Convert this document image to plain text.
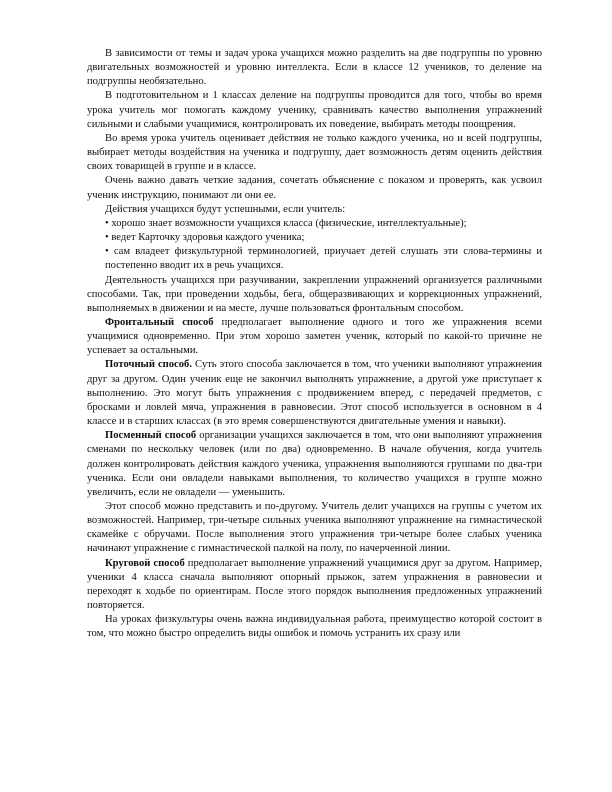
В зависимости от темы и задач урока учащихся можно разделить на две подгруппы по уровню двигательных возможностей и уровню интеллекта. Если в классе 12 учеников, то деление на подгруппы необязательно.

В подготовительном и 1 классах деление на подгруппы проводится для того, чтобы во время урока учитель мог помогать каждому ученику, сравнивать качество выполнения упражнений сильными и слабыми учащимися, контролировать их поведение, выбирать методы поощрения.

Во время урока учитель оценивает действия не только каждого ученика, но и всей подгруппы, выбирает методы воздействия на ученика и подгруппу, дает возможность детям оценить действия своих товарищей в группе и в классе.

Очень важно давать четкие задания, сочетать объяснение с показом и проверять, как усвоил ученик инструкцию, понимают ли они ее.

Действия учащихся будут успешными, если учитель:

• хорошо знает возможности учащихся класса (физические, интеллектуальные);

• ведет Карточку здоровья каждого ученика;

• сам владеет физкультурной терминологией, приучает детей слушать эти слова-термины и постепенно вводит их в речь учащихся.

Деятельность учащихся при разучивании, закреплении упражнений организуется различными способами. Так, при проведении ходьбы, бега, общеразвивающих и коррекционных упражнений, выполняемых в движении и на месте, лучше пользоваться фронтальным способом.

Фронтальный способ предполагает выполнение одного и того же упражнения всеми учащимися одновременно. При этом хорошо заметен ученик, который по какой-то причине не успевает за остальными.

Поточный способ. Суть этого способа заключается в том, что ученики выполняют упражнения друг за другом. Один ученик еще не закончил выполнять упражнение, а другой уже приступает к выполнению. Это могут быть упражнения с продвижением вперед, с передачей предметов, с бросками и ловлей мяча, упражнения в равновесии. Этот способ используется в основном в 4 классе и в старших классах (в это время совершенствуются двигательные умения и навыки).

Посменный способ организации учащихся заключается в том, что они выполняют упражнения сменами по нескольку человек (или по два) одновременно. В начале обучения, когда учитель должен контролировать действия каждого ученика, упражнения выполняются группами по два-три ученика. Если они овладели навыками выполнения, то количество учащихся в группе можно увеличить, если не овладели — уменьшить.

Этот способ можно представить и по-другому. Учитель делит учащихся на группы с учетом их возможностей. Например, три-четыре сильных ученика выполняют упражнение на гимнастической скамейке с обручами. После выполнения этого упражнения три-четыре более слабых ученика начинают упражнение с гимнастической палкой на полу, по начерченной линии.

Круговой способ предполагает выполнение упражнений учащимися друг за другом. Например, ученики 4 класса сначала выполняют опорный прыжок, затем упражнения в равновесии и переходят к ходьбе по ориентирам. После этого порядок выполнения предложенных упражнений повторяется.

На уроках физкультуры очень важна индивидуальная работа, преимущество которой состоит в том, что можно быстро определить виды ошибок и помочь устранить их сразу или
